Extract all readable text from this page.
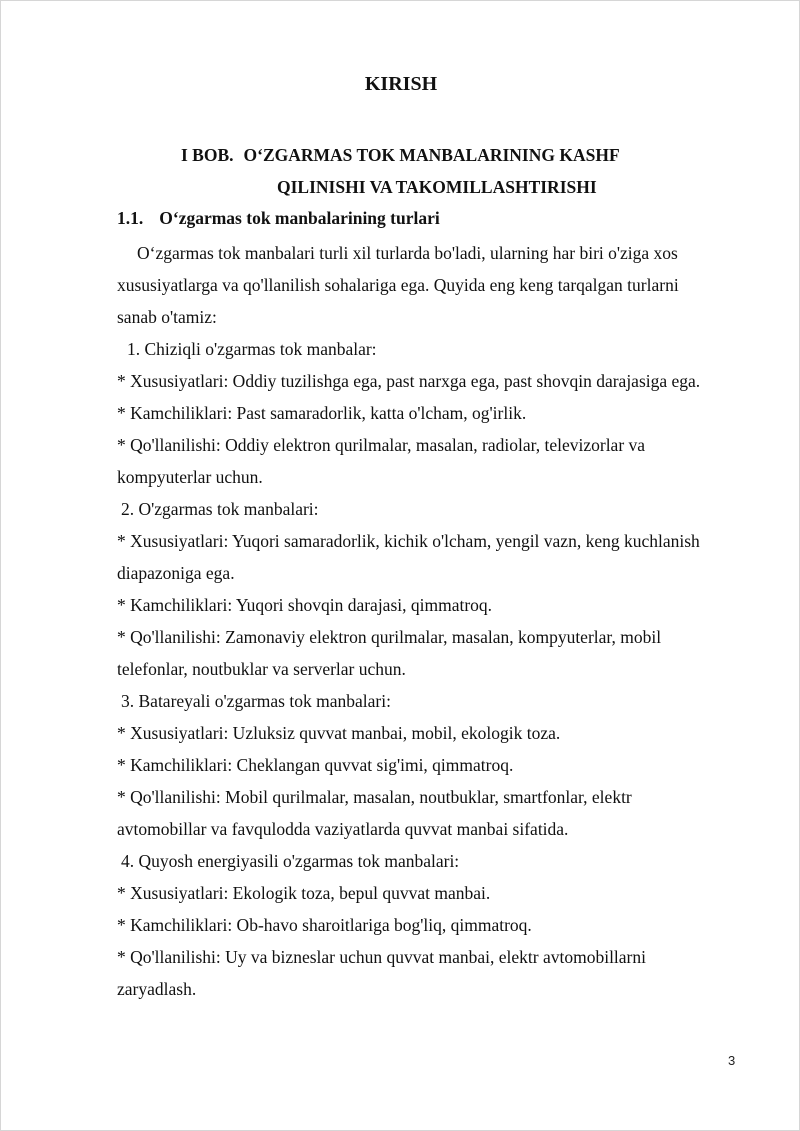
KIRISH
I BOB. O‘ZGARMAS TOK MANBALARINING KASHF
QILINISHI VA TAKOMILLASHTIRISHI
1.1. O‘zgarmas tok manbalarining turlari
O‘zgarmas tok manbalari turli xil turlarda bo'ladi, ularning har biri o'ziga xos
xususiyatlarga va qo'llanilish sohalariga ega. Quyida eng keng tarqalgan turlarni
sanab o'tamiz:
1. Chiziqli o'zgarmas tok manbalar:
* Xususiyatlari: Oddiy tuzilishga ega, past narxga ega, past shovqin darajasiga ega.
* Kamchiliklari: Past samaradorlik, katta o'lcham, og'irlik.
* Qo'llanilishi: Oddiy elektron qurilmalar, masalan, radiolar, televizorlar va
kompyuterlar uchun.
2. O'zgarmas tok manbalari:
* Xususiyatlari: Yuqori samaradorlik, kichik o'lcham, yengil vazn, keng kuchlanish
diapazoniga ega.
* Kamchiliklari: Yuqori shovqin darajasi, qimmatroq.
* Qo'llanilishi: Zamonaviy elektron qurilmalar, masalan, kompyuterlar, mobil
telefonlar, noutbuklar va serverlar uchun.
3. Batareyali o'zgarmas tok manbalari:
* Xususiyatlari: Uzluksiz quvvat manbai, mobil, ekologik toza.
* Kamchiliklari: Cheklangan quvvat sig'imi, qimmatroq.
* Qo'llanilishi: Mobil qurilmalar, masalan, noutbuklar, smartfonlar, elektr
avtomobillar va favqulodda vaziyatlarda quvvat manbai sifatida.
4. Quyosh energiyasili o'zgarmas tok manbalari:
* Xususiyatlari: Ekologik toza, bepul quvvat manbai.
* Kamchiliklari: Ob-havo sharoitlariga bog'liq, qimmatroq.
* Qo'llanilishi: Uy va bizneslar uchun quvvat manbai, elektr avtomobillarni
zaryadlash.
3
